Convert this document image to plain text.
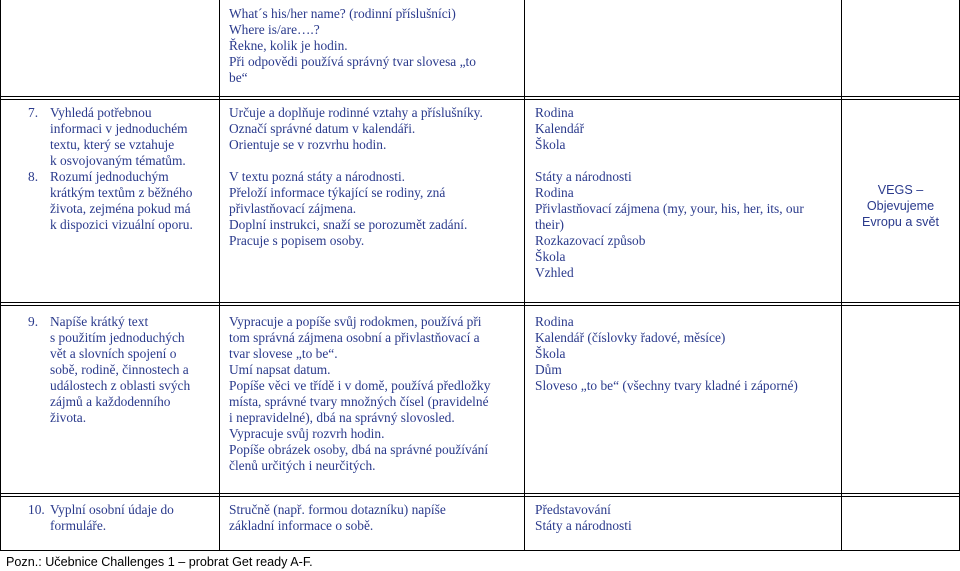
What´s his/her name? (rodinní příslušníci)
Where is/are….?
Řekne, kolik je hodin.
Při odpovědi používá správný tvar slovesa „to
be“
7. Vyhledá potřebnou
informaci v jednoduchém
textu, který se vztahuje
k osvojovaným tématům.
8. Rozumí jednoduchým
krátkým textům z běžného
života, zejména pokud má
k dispozici vizuální oporu.
Určuje a doplňuje rodinné vztahy a příslušníky.
Označí správné datum v kalendáři.
Orientuje se v rozvrhu hodin.

V textu pozná státy a národnosti.
Přeloží informace týkající se rodiny, zná
přivlastňovací zájmena.
Doplní instrukci, snaží se porozumět zadání.
Pracuje s popisem osoby.
Rodina
Kalendář
Škola

Státy a národnosti
Rodina
Přivlastňovací zájmena (my, your, his, her, its, our
their)
Rozkazovací způsob
Škola
Vzhled
VEGS –
Objevujeme
Evropu a svět
9. Napíše krátký text
s použitím jednoduchých
vět a slovních spojení o
sobě, rodině, činnostech a
událostech z oblasti svých
zájmů a každodenního
života.
Vypracuje a popíše svůj rodokmen, používá při
tom správná zájmena osobní a přivlastňovací a
tvar slovese „to be“.
Umí napsat datum.
Popíše věci ve třídě i v domě, používá předložky
místa, správné tvary množných čísel (pravidelné
i nepravidelné), dbá na správný slovosled.
Vypracuje svůj rozvrh hodin.
Popíše obrázek osoby, dbá na správné používání
členů určitých i neurčitých.
Rodina
Kalendář (číslovky řadové, měsíce)
Škola
Dům
Sloveso „to be“ (všechny tvary kladné i záporné)
10. Vyplní osobní údaje do
formuláře.
Stručně (např. formou dotazníku) napíše
základní informace o sobě.
Představování
Státy a národnosti
Pozn.: Učebnice Challenges 1 – probrat Get ready A-F.
